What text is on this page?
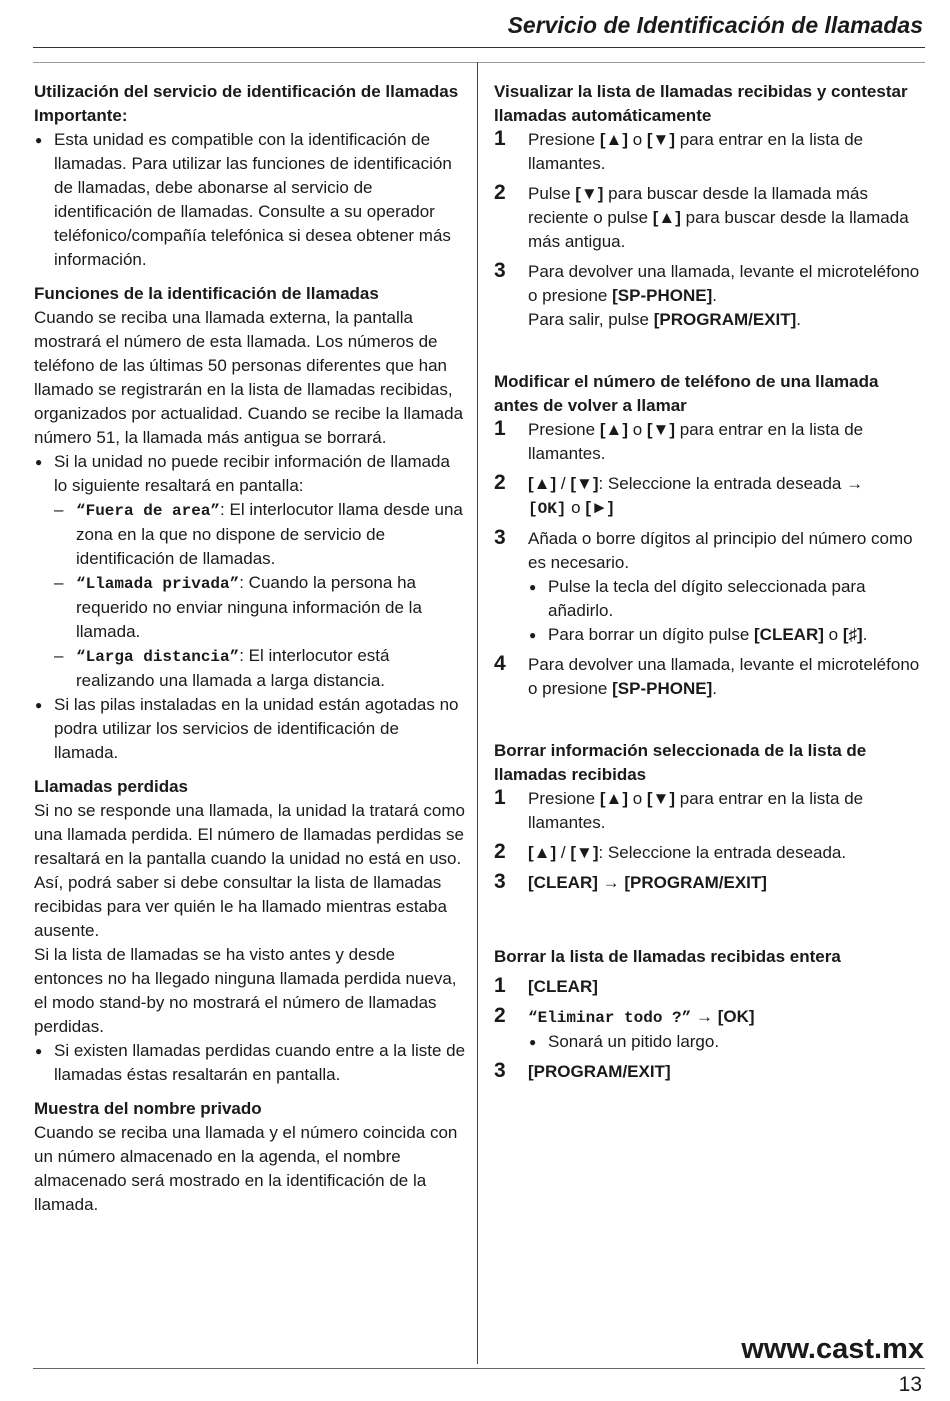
Servicio de Identificación de llamadas
Utilización del servicio de identificación de llamadas
Importante:

● Esta unidad es compatible con la identificación de llamadas. Para utilizar las funciones de identificación de llamadas, debe abonarse al servicio de identificación de llamadas. Consulte a su operador teléfonico/compañía telefónica si desea obtener más información.

Funciones de la identificación de llamadas

Cuando se reciba una llamada externa, la pantalla mostrará el número de esta llamada. Los números de teléfono de las últimas 50 personas diferentes que han llamado se registrarán en la lista de llamadas recibidas, organizados por actualidad. Cuando se recibe la llamada número 51, la llamada más antigua se borrará.

● Si la unidad no puede recibir información de llamada lo siguiente resaltará en pantalla:

– “Fuera de area”: El interlocutor llama desde una zona en la que no dispone de servicio de identificación de llamadas.

– “Llamada privada”: Cuando la persona ha requerido no enviar ninguna información de la llamada.

– “Larga distancia”: El interlocutor está realizando una llamada a larga distancia.

● Si las pilas instaladas en la unidad están agotadas no podra utilizar los servicios de identificación de llamada.

Llamadas perdidas

Si no se responde una llamada, la unidad la tratará como una llamada perdida. El número de llamadas perdidas se resaltará en la pantalla cuando la unidad no está en uso. Así, podrá saber si debe consultar la lista de llamadas recibidas para ver quién le ha llamado mientras estaba ausente.

Si la lista de llamadas se ha visto antes y desde entonces no ha llegado ninguna llamada perdida nueva, el modo stand-by no mostrará el número de llamadas perdidas.

● Si existen llamadas perdidas cuando entre a la liste de llamadas éstas resaltarán en pantalla.

Muestra del nombre privado

Cuando se reciba una llamada y el número coincida con un número almacenado en la agenda, el nombre almacenado será mostrado en la identificación de la llamada.

Visualizar la lista de llamadas recibidas y contestar llamadas automáticamente
1 Presione [▲] o [▼] para entrar en la lista de llamantes.

2 Pulse [▼] para buscar desde la llamada más reciente o pulse [▲] para buscar desde la llamada más antigua.

3 Para devolver una llamada, levante el microteléfono o presione [SP-PHONE].

Para salir, pulse [PROGRAM/EXIT].

Modificar el número de teléfono de una llamada antes de volver a llamar
1 Presione [▲] o [▼] para entrar en la lista de llamantes.

2 [▲] / [▼]: Seleccione la entrada deseada →
[OK] o [►]

3 Añada o borre dígitos al principio del número como es necesario.

● Pulse la tecla del dígito seleccionada para añadirlo.

● Para borrar un dígito pulse [CLEAR] o [♯].

4 Para devolver una llamada, levante el microteléfono o presione [SP-PHONE].

Borrar información seleccionada de la lista de llamadas recibidas
1 Presione [▲] o [▼] para entrar en la lista de llamantes.

2 [▲] / [▼]: Seleccione la entrada deseada.

3 [CLEAR] → [PROGRAM/EXIT]

Borrar la lista de llamadas recibidas entera
1 [CLEAR]

2 “Eliminar todo ?” → [OK]

● Sonará un pitido largo.

3 [PROGRAM/EXIT]

www.cast.mx
13
